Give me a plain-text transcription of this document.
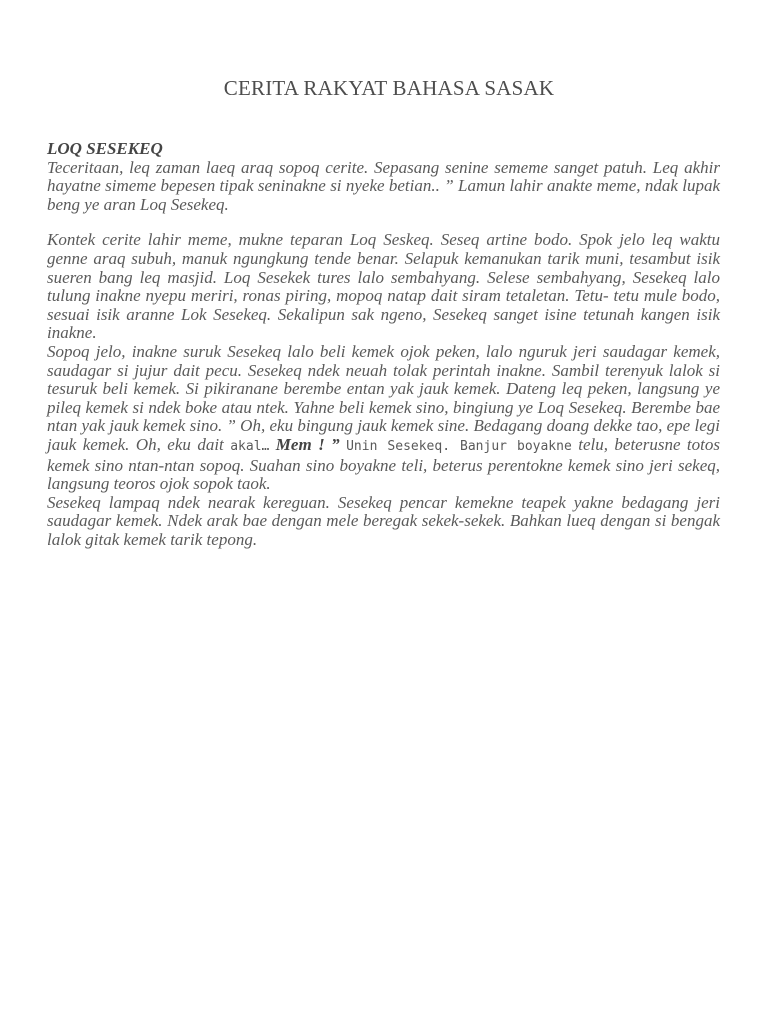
CERITA RAKYAT BAHASA SASAK

LOQ SESEKEQ

Teceritaan, leq zaman laeq araq sopoq cerite. Sepasang senine sememe sanget patuh. Leq akhir hayatne simeme bepesen tipak seninakne si nyeke betian.. ” Lamun lahir anakte meme, ndak lupak beng ye aran Loq Sesekeq.

Kontek cerite lahir meme, mukne teparan Loq Seskeq. Seseq artine bodo. Spok jelo leq waktu genne araq subuh, manuk ngungkung tende benar. Selapuk kemanukan tarik muni, tesambut isik sueren bang leq masjid. Loq Sesekek tures lalo sembahyang. Selese sembahyang, Sesekeq lalo tulung inakne nyepu meriri, ronas piring, mopoq natap dait siram tetaletan. Tetu- tetu mule bodo, sesuai isik aranne Lok Sesekeq. Sekalipun sak ngeno, Sesekeq sanget isine tetunah kangen isik inakne.

Sopoq jelo, inakne suruk Sesekeq lalo beli kemek ojok peken, lalo nguruk jeri saudagar kemek, saudagar si jujur dait pecu. Sesekeq ndek neuah tolak perintah inakne. Sambil terenyuk lalok si tesuruk beli kemek. Si pikiranane berembe entan yak jauk kemek. Dateng leq peken, langsung ye pileq kemek si ndek boke atau ntek. Yahne beli kemek sino, bingiung ye Loq Sesekeq. Berembe bae ntan yak jauk kemek sino. ” Oh, eku bingung jauk kemek sine. Bedagang doang dekke tao, epe legi jauk kemek. Oh, eku dait akal… Mem ! ” Unin Sesekeq. Banjur boyakne telu, beterusne totos kemek sino ntan-ntan sopoq. Suahan sino boyakne teli, beterus perentokne kemek sino jeri sekeq, langsung teoros ojok sopok taok.

Sesekeq lampaq ndek nearak kereguan. Sesekeq pencar kemekne teapek yakne bedagang jeri saudagar kemek. Ndek arak bae dengan mele beregak sekek-sekek. Bahkan lueq dengan si bengak lalok gitak kemek tarik tepong.
